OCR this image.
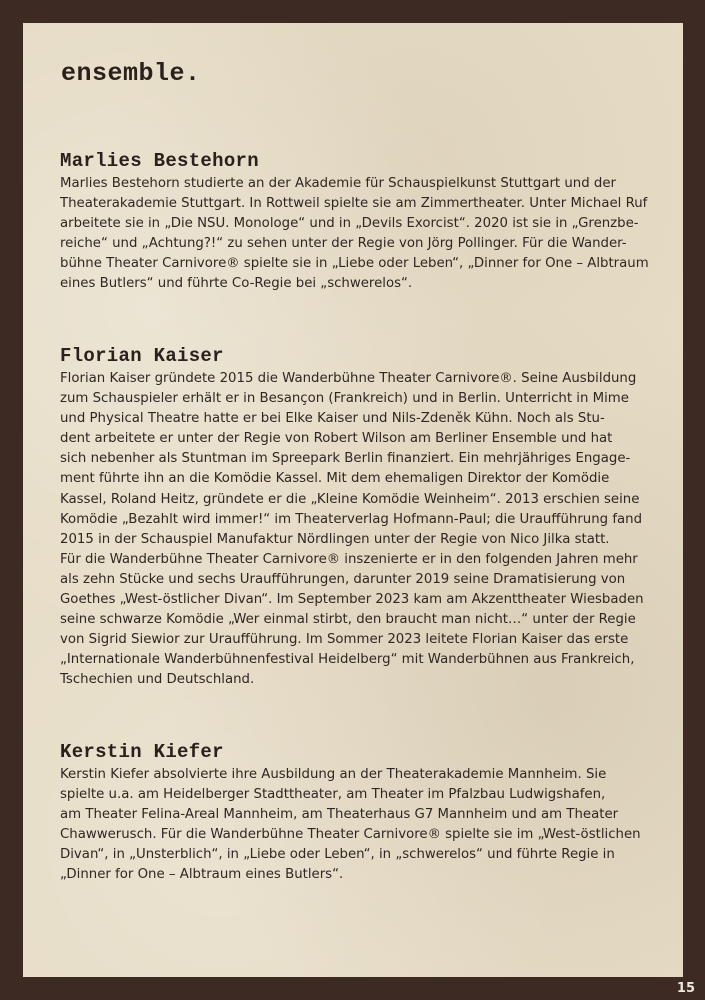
ensemble.
Marlies Bestehorn

Marlies Bestehorn studierte an der Akademie für Schauspielkunst Stuttgart und der
Theaterakademie Stuttgart. In Rottweil spielte sie am Zimmertheater. Unter Michael Ruf
arbeitete sie in „Die NSU. Monologe“ und in „Devils Exorcist“. 2020 ist sie in „Grenzbe-
reiche“ und „Achtung?!“ zu sehen unter der Regie von Jörg Pollinger. Für die Wander-
bühne Theater Carnivore® spielte sie in „Liebe oder Leben“, „Dinner for One – Albtraum
eines Butlers“ und führte Co-Regie bei „schwerelos“.

Florian Kaiser

Florian Kaiser gründete 2015 die Wanderbühne Theater Carnivore®. Seine Ausbildung
zum Schauspieler erhält er in Besançon (Frankreich) und in Berlin. Unterricht in Mime
und Physical Theatre hatte er bei Elke Kaiser und Nils-Zdeněk Kühn. Noch als Stu-
dent arbeitete er unter der Regie von Robert Wilson am Berliner Ensemble und hat
sich nebenher als Stuntman im Spreepark Berlin finanziert. Ein mehrjähriges Engage-
ment führte ihn an die Komödie Kassel. Mit dem ehemaligen Direktor der Komödie
Kassel, Roland Heitz, gründete er die „Kleine Komödie Weinheim“. 2013 erschien seine
Komödie „Bezahlt wird immer!“ im Theaterverlag Hofmann-Paul; die Uraufführung fand
2015 in der Schauspiel Manufaktur Nördlingen unter der Regie von Nico Jilka statt.
Für die Wanderbühne Theater Carnivore® inszenierte er in den folgenden Jahren mehr
als zehn Stücke und sechs Uraufführungen, darunter 2019 seine Dramatisierung von
Goethes „West-östlicher Divan“. Im September 2023 kam am Akzenttheater Wiesbaden
seine schwarze Komödie „Wer einmal stirbt, den braucht man nicht…“ unter der Regie
von Sigrid Siewior zur Uraufführung. Im Sommer 2023 leitete Florian Kaiser das erste
„Internationale Wanderbühnenfestival Heidelberg“ mit Wanderbühnen aus Frankreich,
Tschechien und Deutschland.

Kerstin Kiefer

Kerstin Kiefer absolvierte ihre Ausbildung an der Theaterakademie Mannheim. Sie
spielte u.a. am Heidelberger Stadttheater, am Theater im Pfalzbau Ludwigshafen,
am Theater Felina-Areal Mannheim, am Theaterhaus G7 Mannheim und am Theater
Chawwerusch. Für die Wanderbühne Theater Carnivore® spielte sie im „West-östlichen
Divan“, in „Unsterblich“, in „Liebe oder Leben“, in „schwerelos“ und führte Regie in
„Dinner for One – Albtraum eines Butlers“.

15
